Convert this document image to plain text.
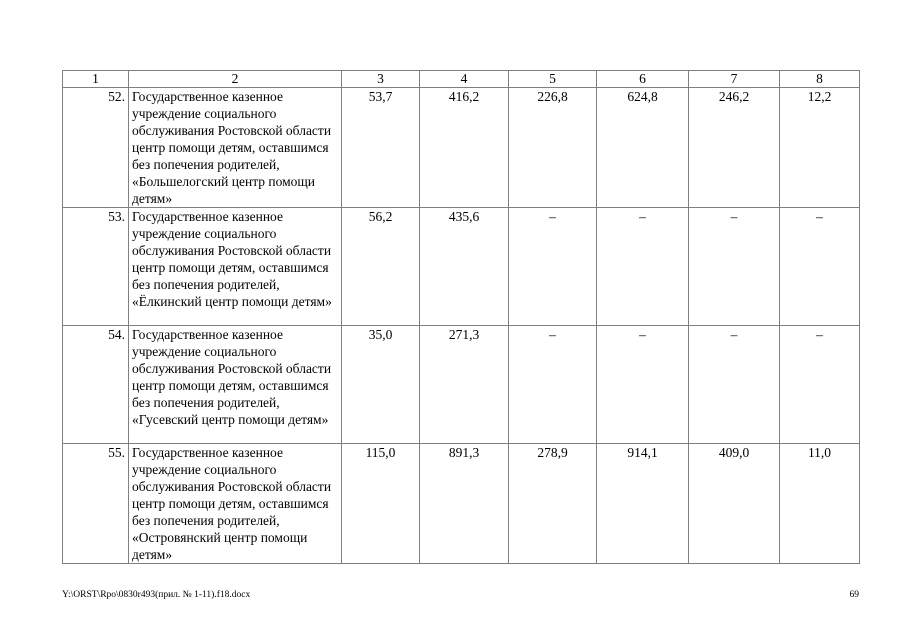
1	2	3	4	5	6	7	8
52.	Государственное казенное учреждение социального обслуживания Ростовской области центр помощи детям, оставшимся без попечения родителей, «Большелогский центр помощи детям»	53,7	416,2	226,8	624,8	246,2	12,2
53.	Государственное казенное учреждение социального обслуживания Ростовской области центр помощи детям, оставшимся без попечения родителей, «Ёлкинский центр помощи детям»	56,2	435,6	–	–	–	–
54.	Государственное казенное учреждение социального обслуживания Ростовской области центр помощи детям, оставшимся без попечения родителей, «Гусевский центр помощи детям»	35,0	271,3	–	–	–	–
55.	Государственное казенное учреждение социального обслуживания Ростовской области центр помощи детям, оставшимся без попечения родителей, «Островянский центр помощи детям»	115,0	891,3	278,9	914,1	409,0	11,0
Y:\ORST\Rpo\0830r493(прил. № 1-11).f18.docx	69
